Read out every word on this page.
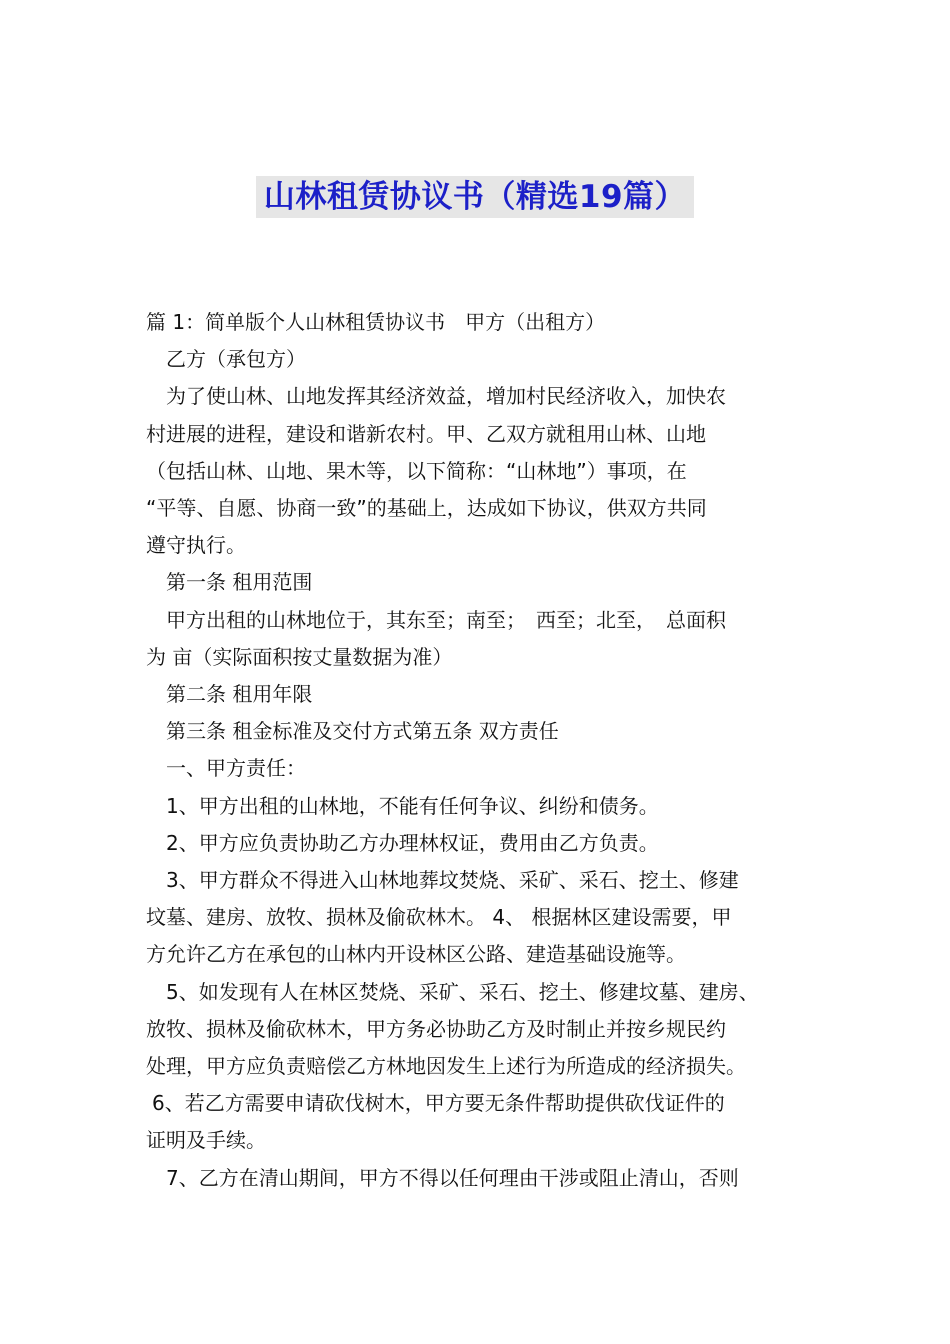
山林租赁协议书（精选19篇）

篇 1：简单版个人山林租赁协议书　甲方（出租方）

乙方（承包方）

为了使山林、山地发挥其经济效益，增加村民经济收入，加快农

村进展的进程，建设和谐新农村。甲、乙双方就租用山林、山地

（包括山林、山地、果木等，以下简称：“山林地”）事项，在

“平等、自愿、协商一致”的基础上，达成如下协议，供双方共同

遵守执行。

第一条 租用范围

甲方出租的山林地位于，其东至；南至；　西至；北至，　总面积

为 亩（实际面积按丈量数据为准）

第二条 租用年限

第三条 租金标准及交付方式第五条 双方责任

一、甲方责任：

1、甲方出租的山林地，不能有任何争议、纠纷和债务。

2、甲方应负责协助乙方办理林权证，费用由乙方负责。

3、甲方群众不得进入山林地葬坟焚烧、采矿、采石、挖土、修建

坟墓、建房、放牧、损林及偷砍林木。 4、 根据林区建设需要，甲

方允许乙方在承包的山林内开设林区公路、建造基础设施等。

5、如发现有人在林区焚烧、采矿、采石、挖土、修建坟墓、建房、

放牧、损林及偷砍林木，甲方务必协助乙方及时制止并按乡规民约

处理，甲方应负责赔偿乙方林地因发生上述行为所造成的经济损失。

6、若乙方需要申请砍伐树木，甲方要无条件帮助提供砍伐证件的

证明及手续。

7、乙方在清山期间，甲方不得以任何理由干涉或阻止清山，否则
